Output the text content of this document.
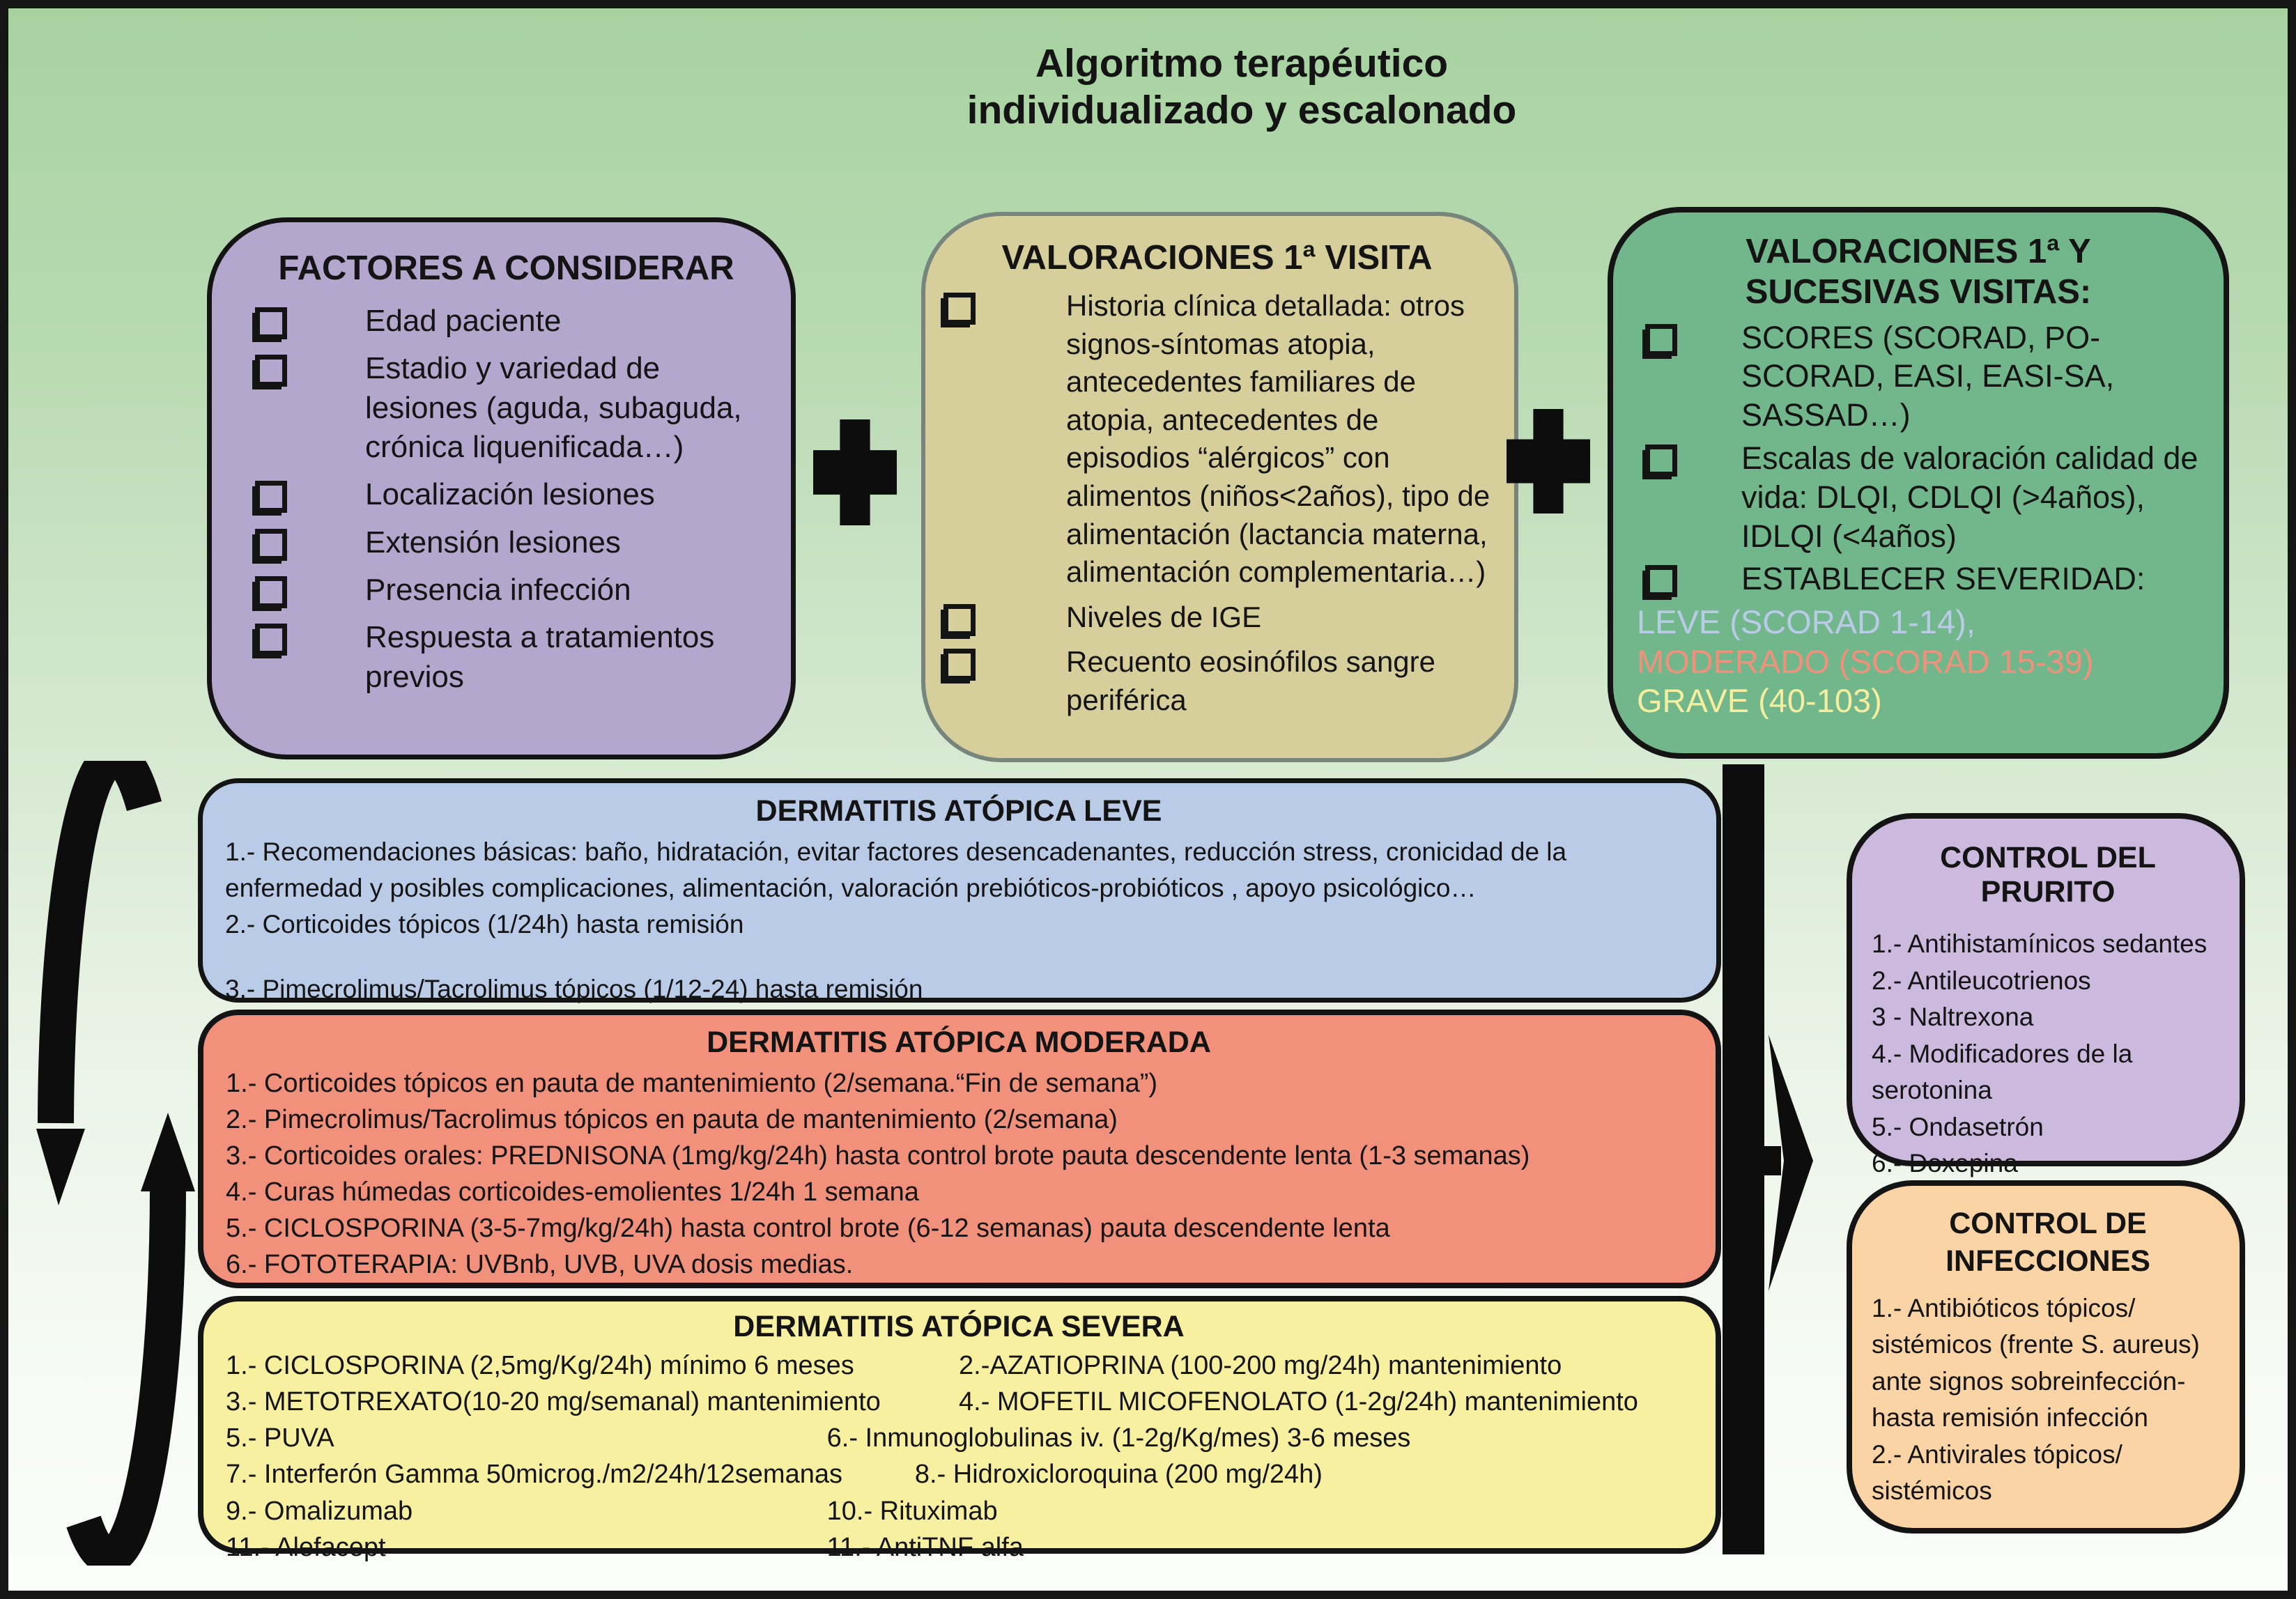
Algoritmo terapéutico
individualizado y escalonado
FACTORES A CONSIDERAR
Edad paciente
Estadio y variedad de lesiones (aguda, subaguda, crónica liquenificada…)
Localización lesiones
Extensión lesiones
Presencia infección
Respuesta a tratamientos previos
VALORACIONES 1ª VISITA
Historia clínica detallada: otros signos-síntomas atopia, antecedentes familiares de atopia, antecedentes de episodios “alérgicos” con alimentos (niños<2años), tipo de alimentación (lactancia materna, alimentación complementaria…)
Niveles de IGE
Recuento eosinófilos sangre periférica
VALORACIONES 1ª Y
SUCESIVAS VISITAS:
SCORES (SCORAD, PO-SCORAD, EASI, EASI-SA, SASSAD…)
Escalas de valoración calidad de vida: DLQI, CDLQI (>4años), IDLQI (<4años)
ESTABLECER SEVERIDAD:
LEVE (SCORAD 1-14),
MODERADO (SCORAD 15-39)
GRAVE (40-103)
DERMATITIS ATÓPICA LEVE

1.- Recomendaciones básicas: baño, hidratación, evitar factores desencadenantes, reducción stress, cronicidad de la enfermedad y posibles complicaciones, alimentación, valoración prebióticos-probióticos , apoyo psicológico…

2.- Corticoides tópicos (1/24h) hasta remisión

3.- Pimecrolimus/Tacrolimus tópicos (1/12-24) hasta remisión

DERMATITIS ATÓPICA MODERADA

1.- Corticoides tópicos en pauta de mantenimiento (2/semana.“Fin de semana”)

2.- Pimecrolimus/Tacrolimus tópicos en pauta de mantenimiento (2/semana)

3.- Corticoides orales: PREDNISONA (1mg/kg/24h) hasta control brote pauta descendente lenta (1-3 semanas)

4.- Curas húmedas corticoides-emolientes 1/24h 1 semana

5.- CICLOSPORINA (3-5-7mg/kg/24h) hasta control brote (6-12 semanas) pauta descendente lenta

6.- FOTOTERAPIA: UVBnb, UVB, UVA dosis medias.

DERMATITIS ATÓPICA SEVERA
1.- CICLOSPORINA (2,5mg/Kg/24h) mínimo 6 meses	2.-AZATIOPRINA (100-200 mg/24h) mantenimiento
3.- METOTREXATO(10-20 mg/semanal) mantenimiento	4.- MOFETIL MICOFENOLATO (1-2g/24h) mantenimiento
5.- PUVA	6.- Inmunoglobulinas iv. (1-2g/Kg/mes) 3-6 meses
7.- Interferón Gamma 50microg./m2/24h/12semanas	8.- Hidroxicloroquina (200 mg/24h)
9.- Omalizumab	10.- Rituximab
11.- Alefacept	11.- AntiTNF alfa
CONTROL DEL PRURITO

1.- Antihistamínicos sedantes

2.- Antileucotrienos

3 - Naltrexona

4.- Modificadores de la serotonina

5.- Ondasetrón

6.- Doxepina

CONTROL DE INFECCIONES

1.- Antibióticos tópicos/ sistémicos (frente S. aureus) ante signos sobreinfección- hasta remisión infección

2.- Antivirales tópicos/ sistémicos
